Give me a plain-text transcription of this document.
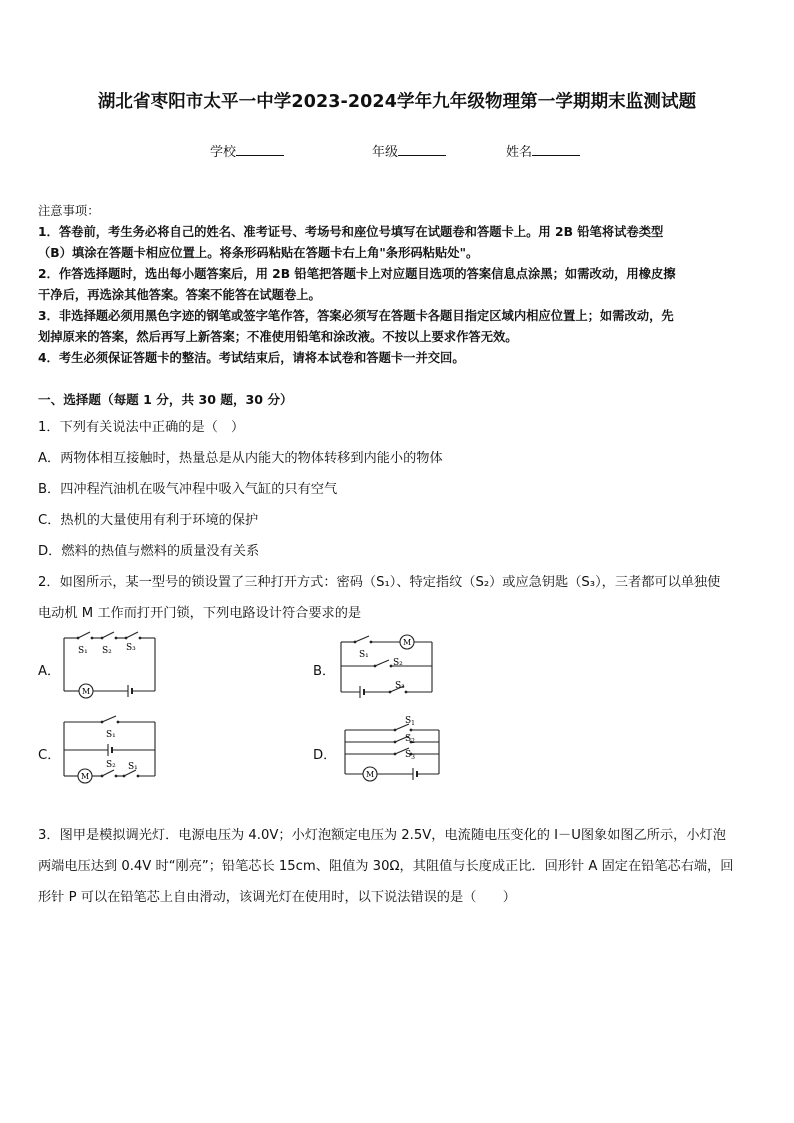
湖北省枣阳市太平一中学2023-2024学年九年级物理第一学期期末监测试题
学校	年级	姓名
注意事项：
1．答卷前，考生务必将自己的姓名、准考证号、考场号和座位号填写在试题卷和答题卡上。用 2B 铅笔将试卷类型
（B）填涂在答题卡相应位置上。将条形码粘贴在答题卡右上角"条形码粘贴处"。
2．作答选择题时，选出每小题答案后，用 2B 铅笔把答题卡上对应题目选项的答案信息点涂黑；如需改动，用橡皮擦
干净后，再选涂其他答案。答案不能答在试题卷上。
3．非选择题必须用黑色字迹的钢笔或签字笔作答，答案必须写在答题卡各题目指定区域内相应位置上；如需改动，先
划掉原来的答案，然后再写上新答案；不准使用铅笔和涂改液。不按以上要求作答无效。
4．考生必须保证答题卡的整洁。考试结束后，请将本试卷和答题卡一并交回。
一、选择题（每题 1 分，共 30 题，30 分）
1．下列有关说法中正确的是（　）
A．两物体相互接触时，热量总是从内能大的物体转移到内能小的物体
B．四冲程汽油机在吸气冲程中吸入气缸的只有空气
C．热机的大量使用有利于环境的保护
D．燃料的热值与燃料的质量没有关系
2．如图所示，某一型号的锁设置了三种打开方式：密码（S₁）、特定指纹（S₂）或应急钥匙（S₃），三者都可以单独使
电动机 M 工作而打开门锁，下列电路设计符合要求的是
A．	B．
C．	D．
M
S₁ S₂ S₃
M
S₁
S₂
S₃
M
S₁
S₂ S₁
M
$S_1$
$S_2$
$S_3$
3．图甲是模拟调光灯．电源电压为 4.0V；小灯泡额定电压为 2.5V，电流随电压变化的 I－U图象如图乙所示，小灯泡
两端电压达到 0.4V 时“刚亮”；铅笔芯长 15cm、阻值为 30Ω，其阻值与长度成正比．回形针 A 固定在铅笔芯右端，回
形针 P 可以在铅笔芯上自由滑动，该调光灯在使用时，以下说法错误的是（　　）
